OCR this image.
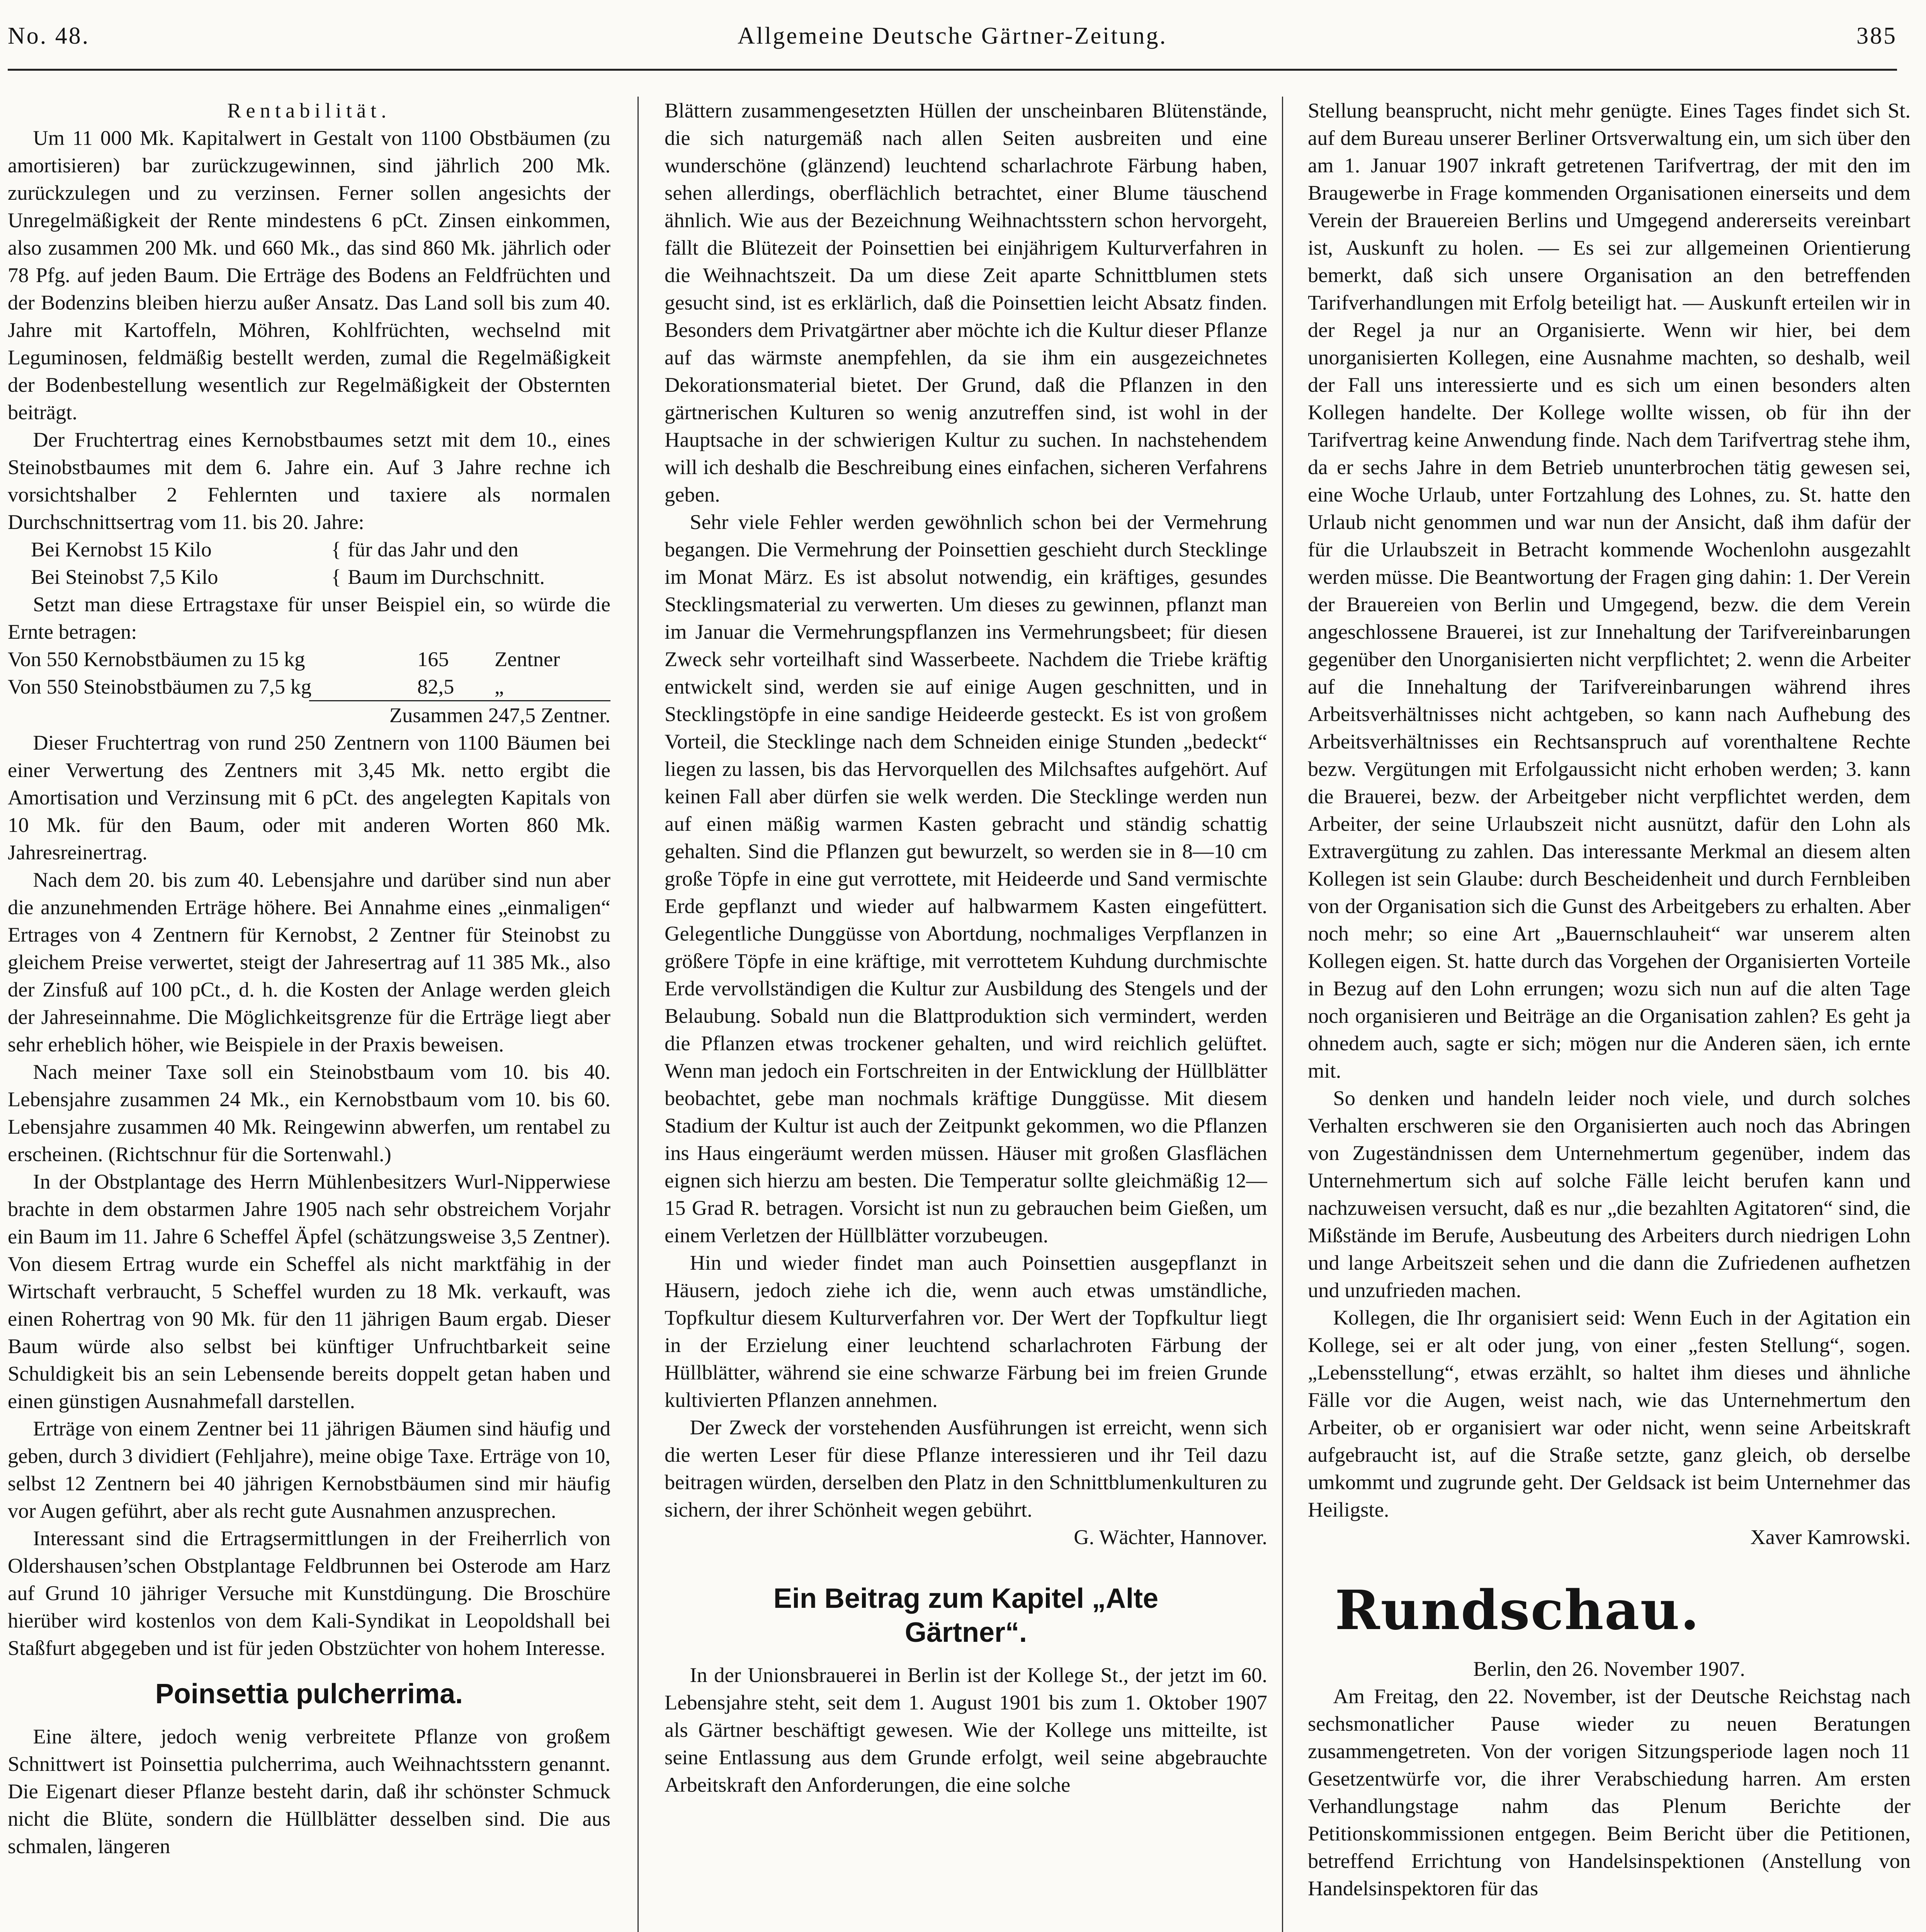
No. 48.	Allgemeine Deutsche Gärtner-Zeitung.	385

Rentabilität.

Um 11 000 Mk. Kapitalwert in Gestalt von 1100 Obstbäumen (zu amortisieren) bar zurückzugewinnen, sind jährlich 200 Mk. zurückzulegen und zu verzinsen. Ferner sollen angesichts der Unregelmäßigkeit der Rente mindestens 6 pCt. Zinsen einkommen, also zusammen 200 Mk. und 660 Mk., das sind 860 Mk. jährlich oder 78 Pfg. auf jeden Baum. Die Erträge des Bodens an Feldfrüchten und der Bodenzins bleiben hierzu außer Ansatz. Das Land soll bis zum 40. Jahre mit Kartoffeln, Möhren, Kohlfrüchten, wechselnd mit Leguminosen, feldmäßig bestellt werden, zumal die Regelmäßigkeit der Bodenbestellung wesentlich zur Regelmäßigkeit der Obsternten beiträgt.

Der Fruchtertrag eines Kernobstbaumes setzt mit dem 10., eines Steinobstbaumes mit dem 6. Jahre ein. Auf 3 Jahre rechne ich vorsichtshalber 2 Fehlernten und taxiere als normalen Durchschnittsertrag vom 11. bis 20. Jahre:

Bei Kernobst 15 Kilo	{ für das Jahr und den
Bei Steinobst 7,5 Kilo	{ Baum im Durchschnitt.

Setzt man diese Ertragstaxe für unser Beispiel ein, so würde die Ernte betragen:

Von 550 Kernobstbäumen zu 15 kg	165	Zentner
Von 550 Steinobstbäumen zu 7,5 kg	82,5	„
Zusammen 247,5 Zentner.

Dieser Fruchtertrag von rund 250 Zentnern von 1100 Bäumen bei einer Verwertung des Zentners mit 3,45 Mk. netto ergibt die Amortisation und Verzinsung mit 6 pCt. des angelegten Kapitals von 10 Mk. für den Baum, oder mit anderen Worten 860 Mk. Jahresreinertrag.

Nach dem 20. bis zum 40. Lebensjahre und darüber sind nun aber die anzunehmenden Erträge höhere. Bei Annahme eines „einmaligen“ Ertrages von 4 Zentnern für Kernobst, 2 Zentner für Steinobst zu gleichem Preise verwertet, steigt der Jahresertrag auf 11 385 Mk., also der Zinsfuß auf 100 pCt., d. h. die Kosten der Anlage werden gleich der Jahreseinnahme. Die Möglichkeitsgrenze für die Erträge liegt aber sehr erheblich höher, wie Beispiele in der Praxis beweisen.

Nach meiner Taxe soll ein Steinobstbaum vom 10. bis 40. Lebensjahre zusammen 24 Mk., ein Kernobstbaum vom 10. bis 60. Lebensjahre zusammen 40 Mk. Reingewinn abwerfen, um rentabel zu erscheinen. (Richtschnur für die Sortenwahl.)

In der Obstplantage des Herrn Mühlenbesitzers Wurl-Nipperwiese brachte in dem obstarmen Jahre 1905 nach sehr obstreichem Vorjahr ein Baum im 11. Jahre 6 Scheffel Äpfel (schätzungsweise 3,5 Zentner). Von diesem Ertrag wurde ein Scheffel als nicht marktfähig in der Wirtschaft verbraucht, 5 Scheffel wurden zu 18 Mk. verkauft, was einen Rohertrag von 90 Mk. für den 11 jährigen Baum ergab. Dieser Baum würde also selbst bei künftiger Unfruchtbarkeit seine Schuldigkeit bis an sein Lebensende bereits doppelt getan haben und einen günstigen Ausnahmefall darstellen.

Erträge von einem Zentner bei 11 jährigen Bäumen sind häufig und geben, durch 3 dividiert (Fehljahre), meine obige Taxe. Erträge von 10, selbst 12 Zentnern bei 40 jährigen Kernobstbäumen sind mir häufig vor Augen geführt, aber als recht gute Ausnahmen anzusprechen.

Interessant sind die Ertragsermittlungen in der Freiherrlich von Oldershausen’schen Obstplantage Feldbrunnen bei Osterode am Harz auf Grund 10 jähriger Versuche mit Kunstdüngung. Die Broschüre hierüber wird kostenlos von dem Kali-Syndikat in Leopoldshall bei Staßfurt abgegeben und ist für jeden Obstzüchter von hohem Interesse.

Poinsettia pulcherrima.

Eine ältere, jedoch wenig verbreitete Pflanze von großem Schnittwert ist Poinsettia pulcherrima, auch Weihnachtsstern genannt. Die Eigenart dieser Pflanze besteht darin, daß ihr schönster Schmuck nicht die Blüte, sondern die Hüllblätter desselben sind. Die aus schmalen, längeren

Blättern zusammengesetzten Hüllen der unscheinbaren Blütenstände, die sich naturgemäß nach allen Seiten ausbreiten und eine wunderschöne (glänzend) leuchtend scharlachrote Färbung haben, sehen allerdings, oberflächlich betrachtet, einer Blume täuschend ähnlich. Wie aus der Bezeichnung Weihnachtsstern schon hervorgeht, fällt die Blütezeit der Poinsettien bei einjährigem Kulturverfahren in die Weihnachtszeit. Da um diese Zeit aparte Schnittblumen stets gesucht sind, ist es erklärlich, daß die Poinsettien leicht Absatz finden. Besonders dem Privatgärtner aber möchte ich die Kultur dieser Pflanze auf das wärmste anempfehlen, da sie ihm ein ausgezeichnetes Dekorationsmaterial bietet. Der Grund, daß die Pflanzen in den gärtnerischen Kulturen so wenig anzutreffen sind, ist wohl in der Hauptsache in der schwierigen Kultur zu suchen. In nachstehendem will ich deshalb die Beschreibung eines einfachen, sicheren Verfahrens geben.

Sehr viele Fehler werden gewöhnlich schon bei der Vermehrung begangen. Die Vermehrung der Poinsettien geschieht durch Stecklinge im Monat März. Es ist absolut notwendig, ein kräftiges, gesundes Stecklingsmaterial zu verwerten. Um dieses zu gewinnen, pflanzt man im Januar die Vermehrungspflanzen ins Vermehrungsbeet; für diesen Zweck sehr vorteilhaft sind Wasserbeete. Nachdem die Triebe kräftig entwickelt sind, werden sie auf einige Augen geschnitten, und in Stecklingstöpfe in eine sandige Heideerde gesteckt. Es ist von großem Vorteil, die Stecklinge nach dem Schneiden einige Stunden „bedeckt“ liegen zu lassen, bis das Hervorquellen des Milchsaftes aufgehört. Auf keinen Fall aber dürfen sie welk werden. Die Stecklinge werden nun auf einen mäßig warmen Kasten gebracht und ständig schattig gehalten. Sind die Pflanzen gut bewurzelt, so werden sie in 8—10 cm große Töpfe in eine gut verrottete, mit Heideerde und Sand vermischte Erde gepflanzt und wieder auf halbwarmem Kasten eingefüttert. Gelegentliche Dunggüsse von Abortdung, nochmaliges Verpflanzen in größere Töpfe in eine kräftige, mit verrottetem Kuhdung durchmischte Erde vervollständigen die Kultur zur Ausbildung des Stengels und der Belaubung. Sobald nun die Blattproduktion sich vermindert, werden die Pflanzen etwas trockener gehalten, und wird reichlich gelüftet. Wenn man jedoch ein Fortschreiten in der Entwicklung der Hüllblätter beobachtet, gebe man nochmals kräftige Dunggüsse. Mit diesem Stadium der Kultur ist auch der Zeitpunkt gekommen, wo die Pflanzen ins Haus eingeräumt werden müssen. Häuser mit großen Glasflächen eignen sich hierzu am besten. Die Temperatur sollte gleichmäßig 12—15 Grad R. betragen. Vorsicht ist nun zu gebrauchen beim Gießen, um einem Verletzen der Hüllblätter vorzubeugen.

Hin und wieder findet man auch Poinsettien ausgepflanzt in Häusern, jedoch ziehe ich die, wenn auch etwas umständliche, Topfkultur diesem Kulturverfahren vor. Der Wert der Topfkultur liegt in der Erzielung einer leuchtend scharlachroten Färbung der Hüllblätter, während sie eine schwarze Färbung bei im freien Grunde kultivierten Pflanzen annehmen.

Der Zweck der vorstehenden Ausführungen ist erreicht, wenn sich die werten Leser für diese Pflanze interessieren und ihr Teil dazu beitragen würden, derselben den Platz in den Schnittblumenkulturen zu sichern, der ihrer Schönheit wegen gebührt.

G. Wächter, Hannover.

Ein Beitrag zum Kapitel „Alte Gärtner“.

In der Unionsbrauerei in Berlin ist der Kollege St., der jetzt im 60. Lebensjahre steht, seit dem 1. August 1901 bis zum 1. Oktober 1907 als Gärtner beschäftigt gewesen. Wie der Kollege uns mitteilte, ist seine Entlassung aus dem Grunde erfolgt, weil seine abgebrauchte Arbeitskraft den Anforderungen, die eine solche

Stellung beansprucht, nicht mehr genügte. Eines Tages findet sich St. auf dem Bureau unserer Berliner Ortsverwaltung ein, um sich über den am 1. Januar 1907 inkraft getretenen Tarifvertrag, der mit den im Braugewerbe in Frage kommenden Organisationen einerseits und dem Verein der Brauereien Berlins und Umgegend andererseits vereinbart ist, Auskunft zu holen. — Es sei zur allgemeinen Orientierung bemerkt, daß sich unsere Organisation an den betreffenden Tarifverhandlungen mit Erfolg beteiligt hat. — Auskunft erteilen wir in der Regel ja nur an Organisierte. Wenn wir hier, bei dem unorganisierten Kollegen, eine Ausnahme machten, so deshalb, weil der Fall uns interessierte und es sich um einen besonders alten Kollegen handelte. Der Kollege wollte wissen, ob für ihn der Tarifvertrag keine Anwendung finde. Nach dem Tarifvertrag stehe ihm, da er sechs Jahre in dem Betrieb ununterbrochen tätig gewesen sei, eine Woche Urlaub, unter Fortzahlung des Lohnes, zu. St. hatte den Urlaub nicht genommen und war nun der Ansicht, daß ihm dafür der für die Urlaubszeit in Betracht kommende Wochenlohn ausgezahlt werden müsse. Die Beantwortung der Fragen ging dahin: 1. Der Verein der Brauereien von Berlin und Umgegend, bezw. die dem Verein angeschlossene Brauerei, ist zur Innehaltung der Tarifvereinbarungen gegenüber den Unorganisierten nicht verpflichtet; 2. wenn die Arbeiter auf die Innehaltung der Tarifvereinbarungen während ihres Arbeitsverhältnisses nicht achtgeben, so kann nach Aufhebung des Arbeitsverhältnisses ein Rechtsanspruch auf vorenthaltene Rechte bezw. Vergütungen mit Erfolgaussicht nicht erhoben werden; 3. kann die Brauerei, bezw. der Arbeitgeber nicht verpflichtet werden, dem Arbeiter, der seine Urlaubszeit nicht ausnützt, dafür den Lohn als Extravergütung zu zahlen. Das interessante Merkmal an diesem alten Kollegen ist sein Glaube: durch Bescheidenheit und durch Fernbleiben von der Organisation sich die Gunst des Arbeitgebers zu erhalten. Aber noch mehr; so eine Art „Bauernschlauheit“ war unserem alten Kollegen eigen. St. hatte durch das Vorgehen der Organisierten Vorteile in Bezug auf den Lohn errungen; wozu sich nun auf die alten Tage noch organisieren und Beiträge an die Organisation zahlen? Es geht ja ohnedem auch, sagte er sich; mögen nur die Anderen säen, ich ernte mit.

So denken und handeln leider noch viele, und durch solches Verhalten erschweren sie den Organisierten auch noch das Abringen von Zugeständnissen dem Unternehmertum gegenüber, indem das Unternehmertum sich auf solche Fälle leicht berufen kann und nachzuweisen versucht, daß es nur „die bezahlten Agitatoren“ sind, die Mißstände im Berufe, Ausbeutung des Arbeiters durch niedrigen Lohn und lange Arbeitszeit sehen und die dann die Zufriedenen aufhetzen und unzufrieden machen.

Kollegen, die Ihr organisiert seid: Wenn Euch in der Agitation ein Kollege, sei er alt oder jung, von einer „festen Stellung“, sogen. „Lebensstellung“, etwas erzählt, so haltet ihm dieses und ähnliche Fälle vor die Augen, weist nach, wie das Unternehmertum den Arbeiter, ob er organisiert war oder nicht, wenn seine Arbeitskraft aufgebraucht ist, auf die Straße setzte, ganz gleich, ob derselbe umkommt und zugrunde geht. Der Geldsack ist beim Unternehmer das Heiligste.

Xaver Kamrowski.

Rundschau.

Berlin, den 26. November 1907.

Am Freitag, den 22. November, ist der Deutsche Reichstag nach sechsmonatlicher Pause wieder zu neuen Beratungen zusammengetreten. Von der vorigen Sitzungsperiode lagen noch 11 Gesetzentwürfe vor, die ihrer Verabschiedung harren. Am ersten Verhandlungstage nahm das Plenum Berichte der Petitionskommissionen entgegen. Beim Bericht über die Petitionen, betreffend Errichtung von Handelsinspektionen (Anstellung von Handelsinspektoren für das
